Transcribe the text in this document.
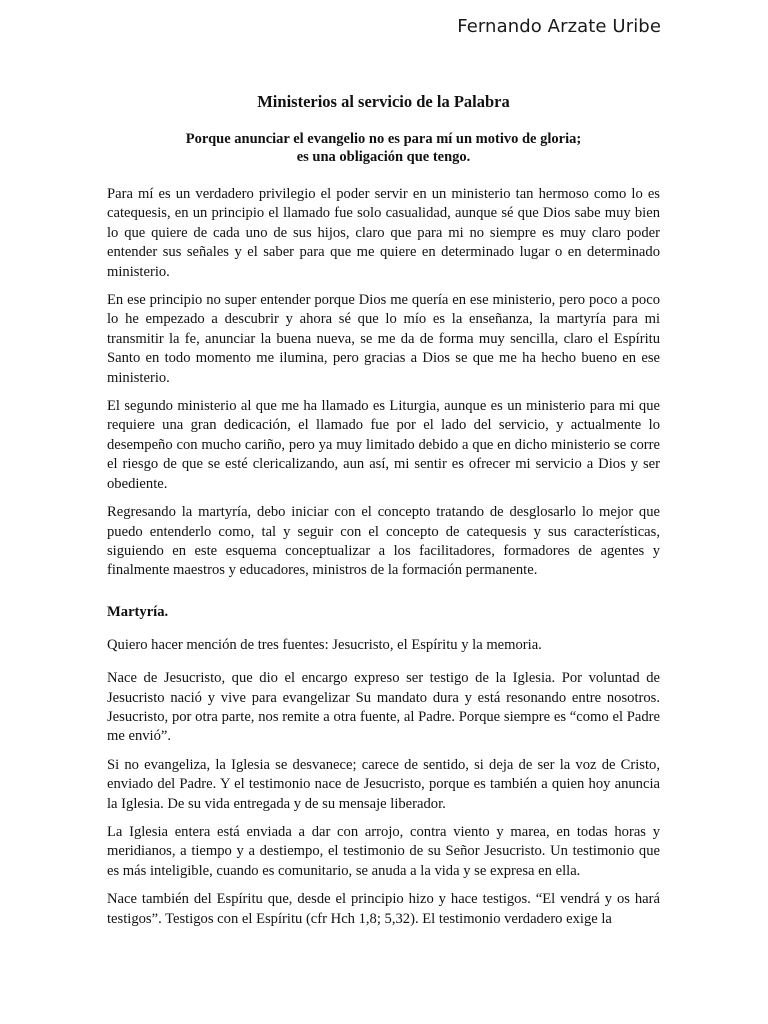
Fernando Arzate Uribe
Ministerios al servicio de la Palabra
Porque anunciar el evangelio no es para mí un motivo de gloria;
es una obligación que tengo.

Para mí es un verdadero privilegio el poder servir en un ministerio tan hermoso como lo es catequesis, en un principio el llamado fue solo casualidad, aunque sé que Dios sabe muy bien lo que quiere de cada uno de sus hijos, claro que para mi no siempre es muy claro poder entender sus señales y el saber para que me quiere en determinado lugar o en determinado ministerio.

En ese principio no super entender porque Dios me quería en ese ministerio, pero poco a poco lo he empezado a descubrir y ahora sé que lo mío es la enseñanza, la martyría para mi transmitir la fe, anunciar la buena nueva, se me da de forma muy sencilla, claro el Espíritu Santo en todo momento me ilumina, pero gracias a Dios se que me ha hecho bueno en ese ministerio.

El segundo ministerio al que me ha llamado es Liturgia, aunque es un ministerio para mi que requiere una gran dedicación, el llamado fue por el lado del servicio, y actualmente lo desempeño con mucho cariño, pero ya muy limitado debido a que en dicho ministerio se corre el riesgo de que se esté clericalizando, aun así, mi sentir es ofrecer mi servicio a Dios y ser obediente.

Regresando la martyría, debo iniciar con el concepto tratando de desglosarlo lo mejor que puedo entenderlo como, tal y seguir con el concepto de catequesis y sus características, siguiendo en este esquema conceptualizar a los facilitadores, formadores de agentes y finalmente maestros y educadores, ministros de la formación permanente.

Martyría.

Quiero hacer mención de tres fuentes: Jesucristo, el Espíritu y la memoria.

Nace de Jesucristo, que dio el encargo expreso ser testigo de la Iglesia. Por voluntad de Jesucristo nació y vive para evangelizar Su mandato dura y está resonando entre nosotros. Jesucristo, por otra parte, nos remite a otra fuente, al Padre. Porque siempre es “como el Padre me envió”.

Si no evangeliza, la Iglesia se desvanece; carece de sentido, si deja de ser la voz de Cristo, enviado del Padre. Y el testimonio nace de Jesucristo, porque es también a quien hoy anuncia la Iglesia. De su vida entregada y de su mensaje liberador.

La Iglesia entera está enviada a dar con arrojo, contra viento y marea, en todas horas y meridianos, a tiempo y a destiempo, el testimonio de su Señor Jesucristo. Un testimonio que es más inteligible, cuando es comunitario, se anuda a la vida y se expresa en ella.

Nace también del Espíritu que, desde el principio hizo y hace testigos. “El vendrá y os hará testigos”. Testigos con el Espíritu (cfr Hch 1,8; 5,32). El testimonio verdadero exige la
